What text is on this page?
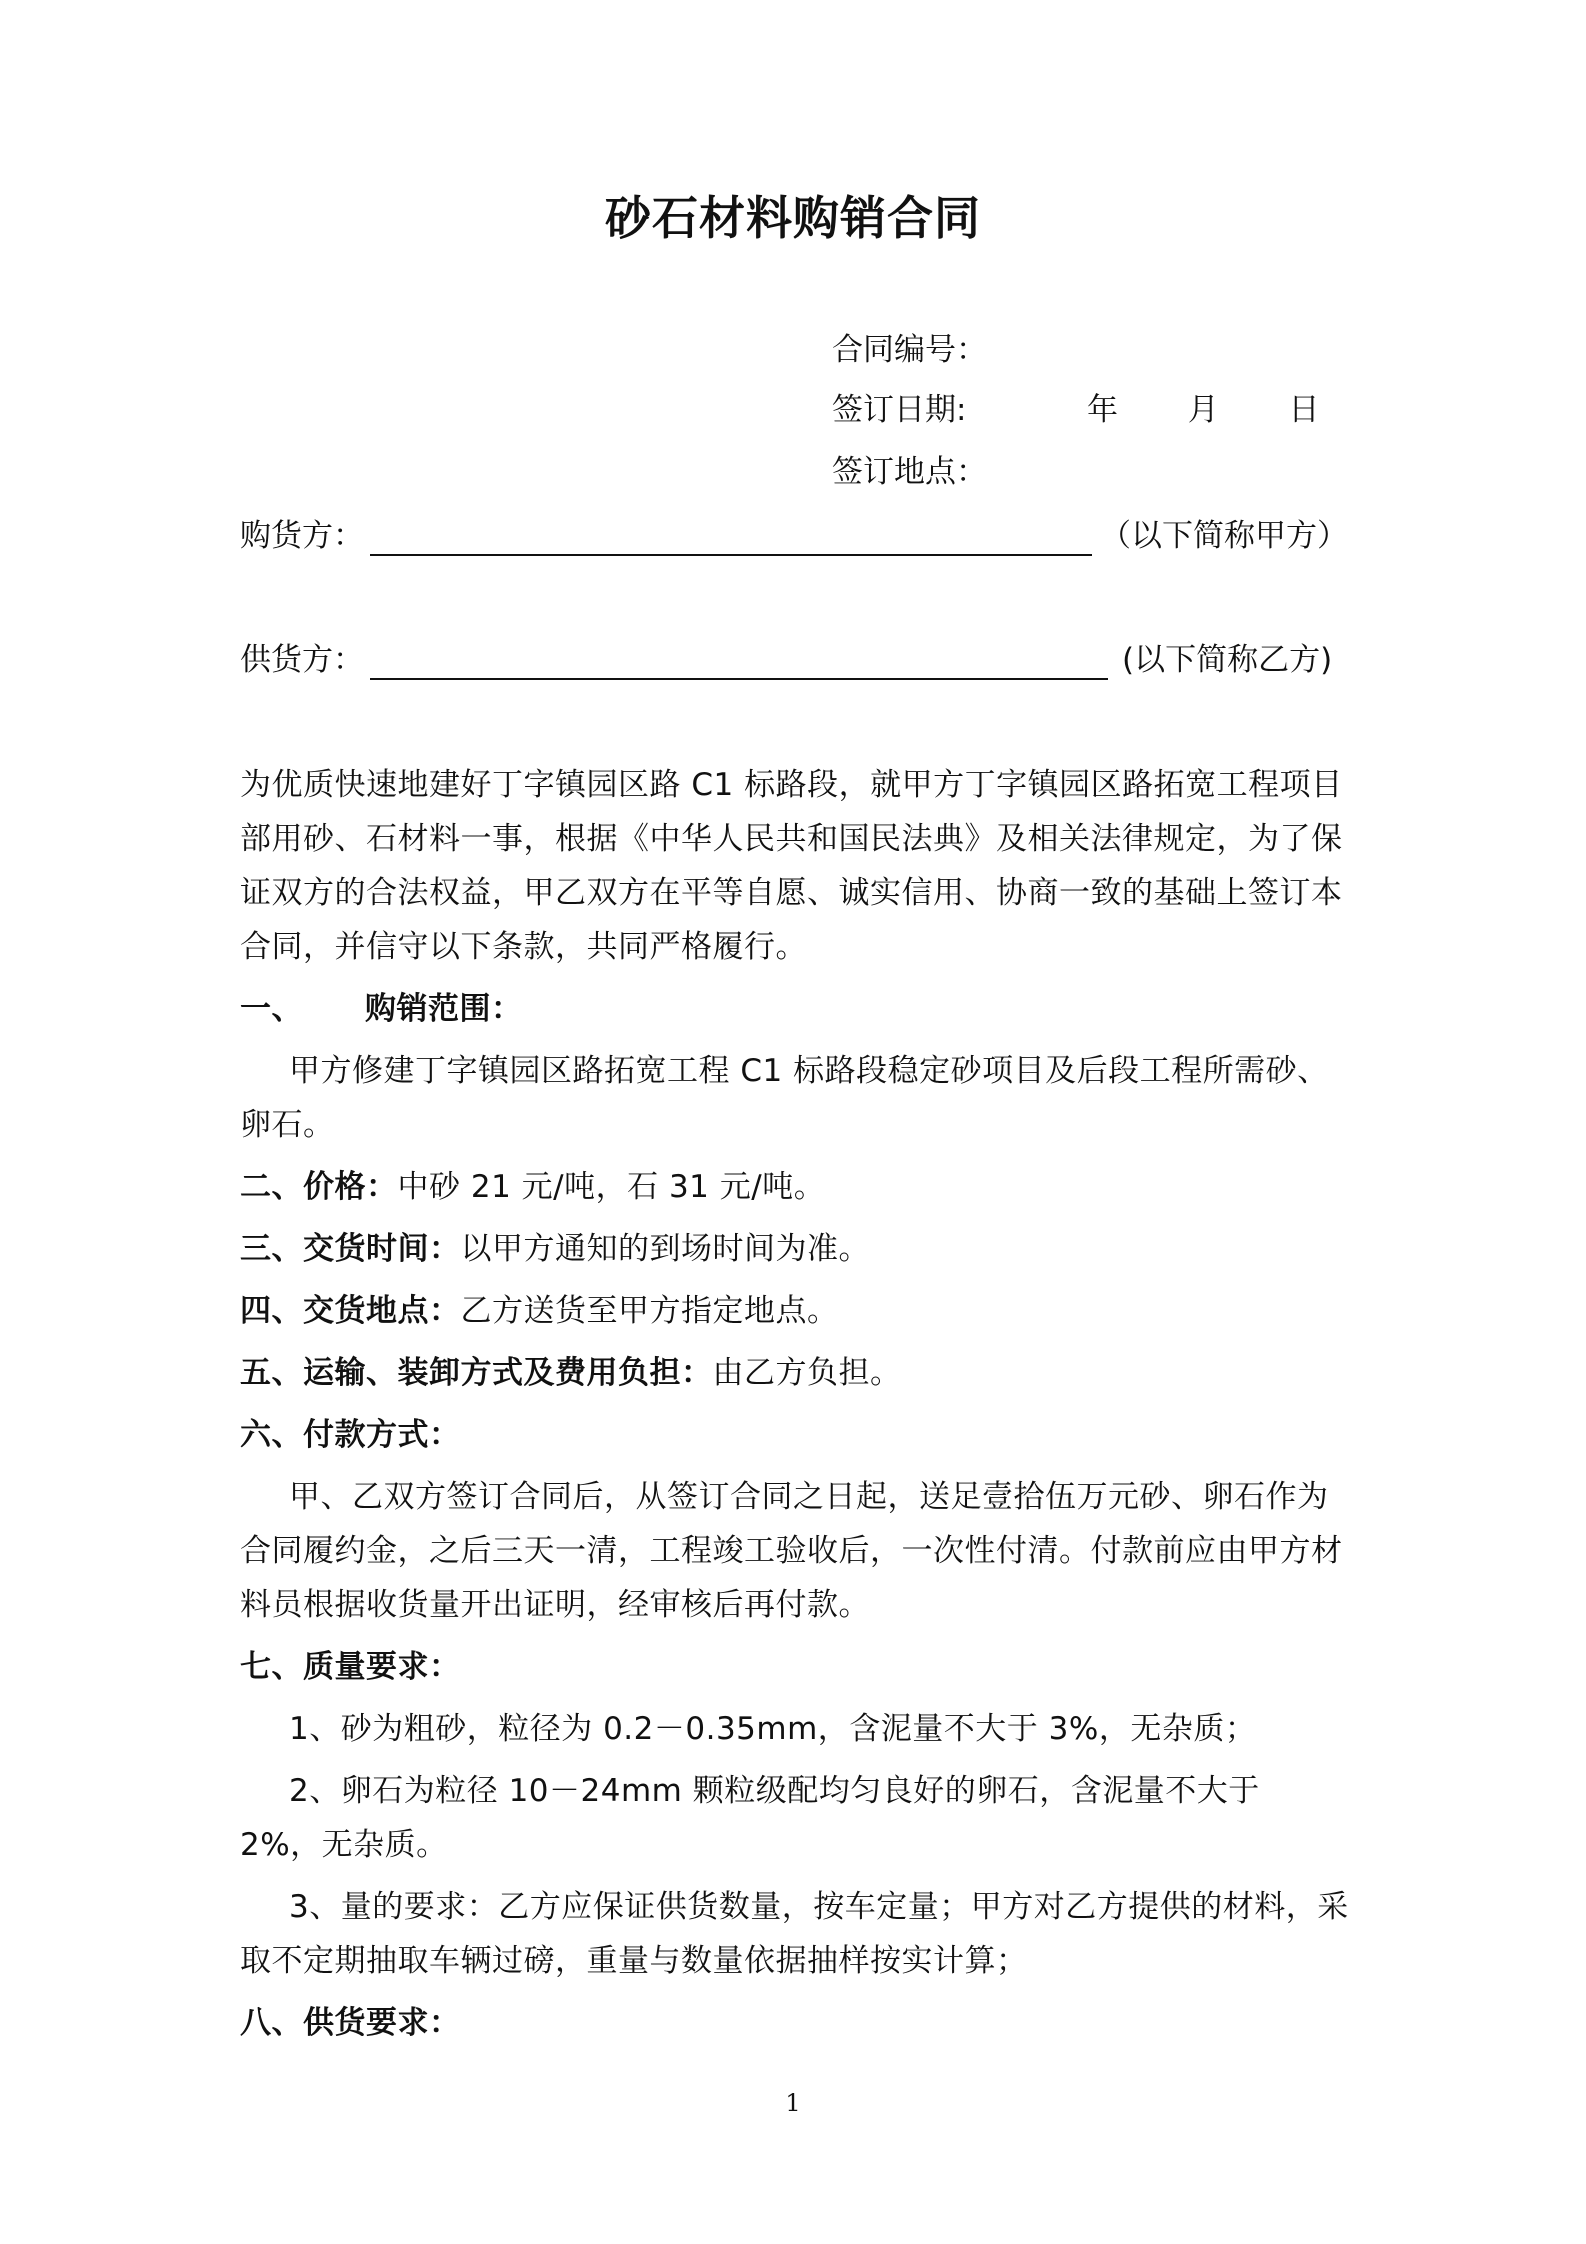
砂石材料购销合同
合同编号：
签订日期:	年 月 日
签订地点：
购货方：	（以下简称甲方）
供货方：	(以下简称乙方)

为优质快速地建好丁字镇园区路 C1 标路段，就甲方丁字镇园区路拓宽工程项目部用砂、石材料一事，根据《中华人民共和国民法典》及相关法律规定，为了保证双方的合法权益，甲乙双方在平等自愿、诚实信用、协商一致的基础上签订本合同，并信守以下条款，共同严格履行。

一、 购销范围：

甲方修建丁字镇园区路拓宽工程 C1 标路段稳定砂项目及后段工程所需砂、卵石。

二、价格：中砂 21 元/吨，石 31 元/吨。

三、交货时间：以甲方通知的到场时间为准。

四、交货地点：乙方送货至甲方指定地点。

五、运输、装卸方式及费用负担：由乙方负担。

六、付款方式：

甲、乙双方签订合同后，从签订合同之日起，送足壹拾伍万元砂、卵石作为合同履约金，之后三天一清，工程竣工验收后，一次性付清。付款前应由甲方材料员根据收货量开出证明，经审核后再付款。

七、质量要求：

1、砂为粗砂，粒径为 0.2－0.35mm，含泥量不大于 3%，无杂质；

2、卵石为粒径 10－24mm 颗粒级配均匀良好的卵石，含泥量不大于 2%，无杂质。

3、量的要求：乙方应保证供货数量，按车定量；甲方对乙方提供的材料，采取不定期抽取车辆过磅，重量与数量依据抽样按实计算；

八、供货要求：

1
